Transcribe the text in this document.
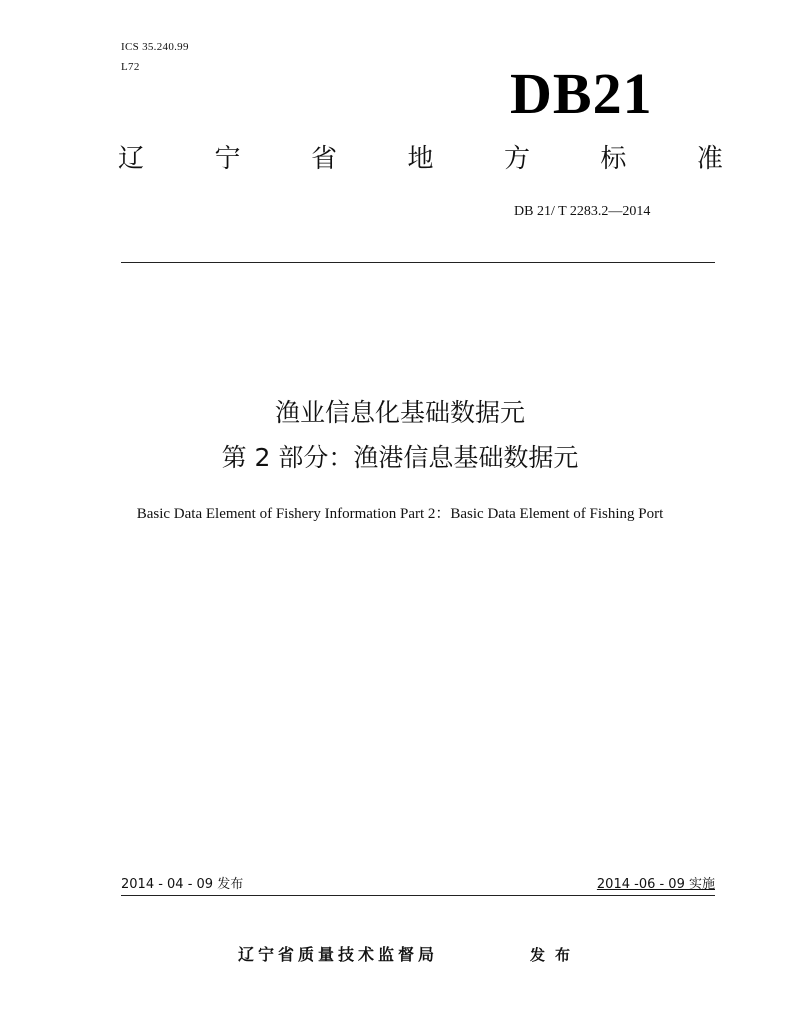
ICS 35.240.99
L72	DB21
辽	宁	省	地	方	标	准
DB 21/ T 2283.2—2014
渔业信息化基础数据元
第 2 部分：渔港信息基础数据元
Basic Data Element of Fishery Information Part 2：Basic Data Element of Fishing Port
2014 - 04 - 09 发布	2014 -06 - 09 实施
辽宁省质量技术监督局	发布
